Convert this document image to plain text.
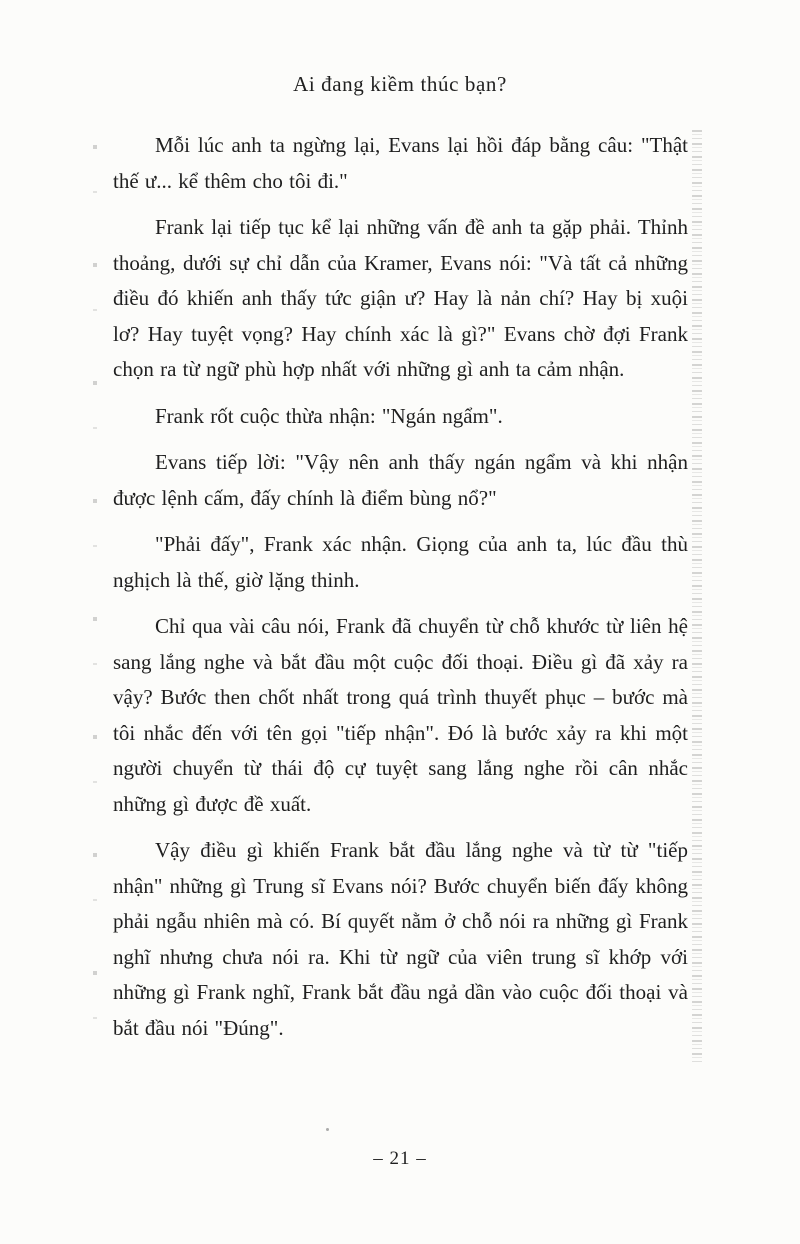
Ai đang kiềm thúc bạn?

Mỗi lúc anh ta ngừng lại, Evans lại hồi đáp bằng câu: "Thật thế ư... kể thêm cho tôi đi."

Frank lại tiếp tục kể lại những vấn đề anh ta gặp phải. Thỉnh thoảng, dưới sự chỉ dẫn của Kramer, Evans nói: "Và tất cả những điều đó khiến anh thấy tức giận ư? Hay là nản chí? Hay bị xuội lơ? Hay tuyệt vọng? Hay chính xác là gì?" Evans chờ đợi Frank chọn ra từ ngữ phù hợp nhất với những gì anh ta cảm nhận.

Frank rốt cuộc thừa nhận: "Ngán ngẩm".

Evans tiếp lời: "Vậy nên anh thấy ngán ngẩm và khi nhận được lệnh cấm, đấy chính là điểm bùng nổ?"

"Phải đấy", Frank xác nhận. Giọng của anh ta, lúc đầu thù nghịch là thế, giờ lặng thinh.

Chỉ qua vài câu nói, Frank đã chuyển từ chỗ khước từ liên hệ sang lắng nghe và bắt đầu một cuộc đối thoại. Điều gì đã xảy ra vậy? Bước then chốt nhất trong quá trình thuyết phục – bước mà tôi nhắc đến với tên gọi "tiếp nhận". Đó là bước xảy ra khi một người chuyển từ thái độ cự tuyệt sang lắng nghe rồi cân nhắc những gì được đề xuất.

Vậy điều gì khiến Frank bắt đầu lắng nghe và từ từ "tiếp nhận" những gì Trung sĩ Evans nói? Bước chuyển biến đấy không phải ngẫu nhiên mà có. Bí quyết nằm ở chỗ nói ra những gì Frank nghĩ nhưng chưa nói ra. Khi từ ngữ của viên trung sĩ khớp với những gì Frank nghĩ, Frank bắt đầu ngả dần vào cuộc đối thoại và bắt đầu nói "Đúng".

– 21 –
